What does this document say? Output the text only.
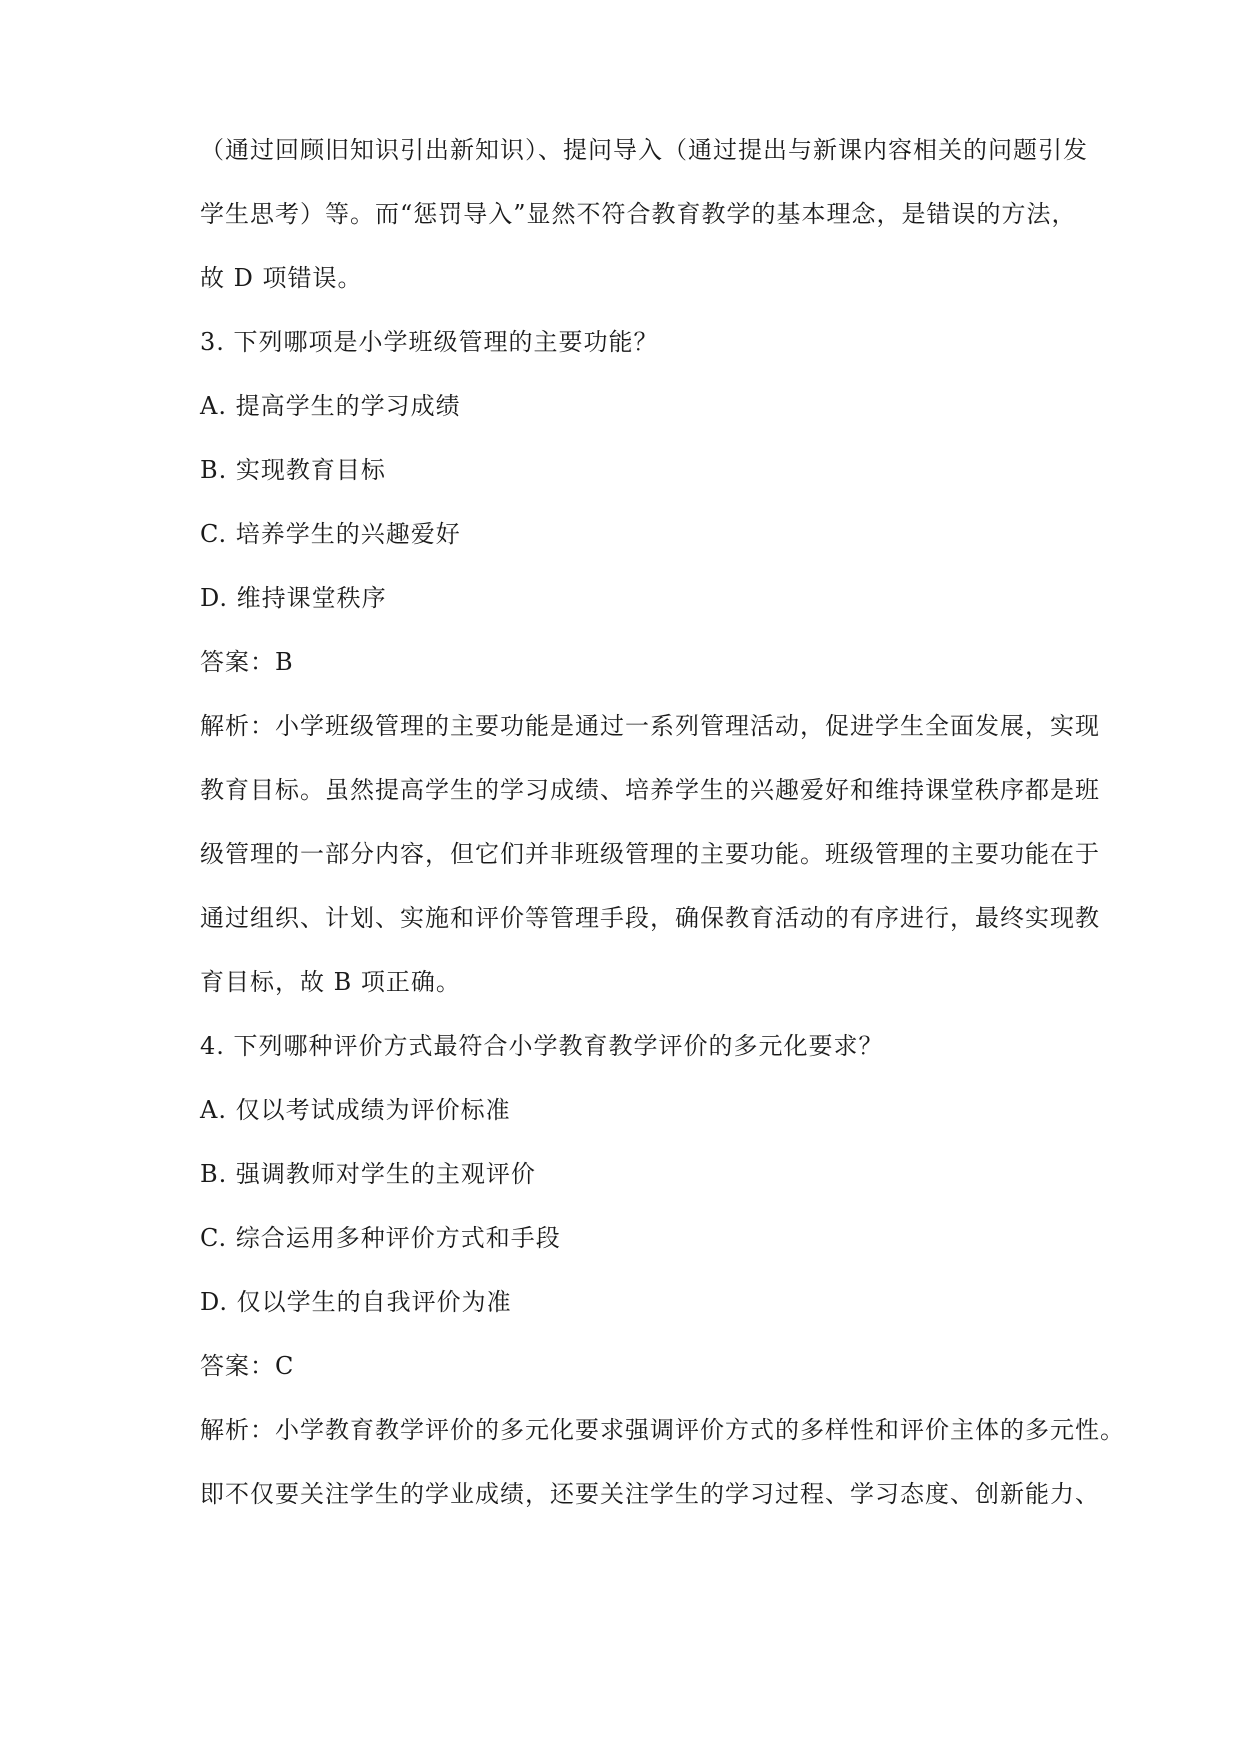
（通过回顾旧知识引出新知识）、提问导入（通过提出与新课内容相关的问题引发
学生思考）等。而“惩罚导入”显然不符合教育教学的基本理念，是错误的方法，
故 D 项错误。
3. 下列哪项是小学班级管理的主要功能？
A. 提高学生的学习成绩
B. 实现教育目标
C. 培养学生的兴趣爱好
D. 维持课堂秩序
答案：B
解析：小学班级管理的主要功能是通过一系列管理活动，促进学生全面发展，实现
教育目标。虽然提高学生的学习成绩、培养学生的兴趣爱好和维持课堂秩序都是班
级管理的一部分内容，但它们并非班级管理的主要功能。班级管理的主要功能在于
通过组织、计划、实施和评价等管理手段，确保教育活动的有序进行，最终实现教
育目标，故 B 项正确。
4. 下列哪种评价方式最符合小学教育教学评价的多元化要求？
A. 仅以考试成绩为评价标准
B. 强调教师对学生的主观评价
C. 综合运用多种评价方式和手段
D. 仅以学生的自我评价为准
答案：C
解析：小学教育教学评价的多元化要求强调评价方式的多样性和评价主体的多元性。
即不仅要关注学生的学业成绩，还要关注学生的学习过程、学习态度、创新能力、
